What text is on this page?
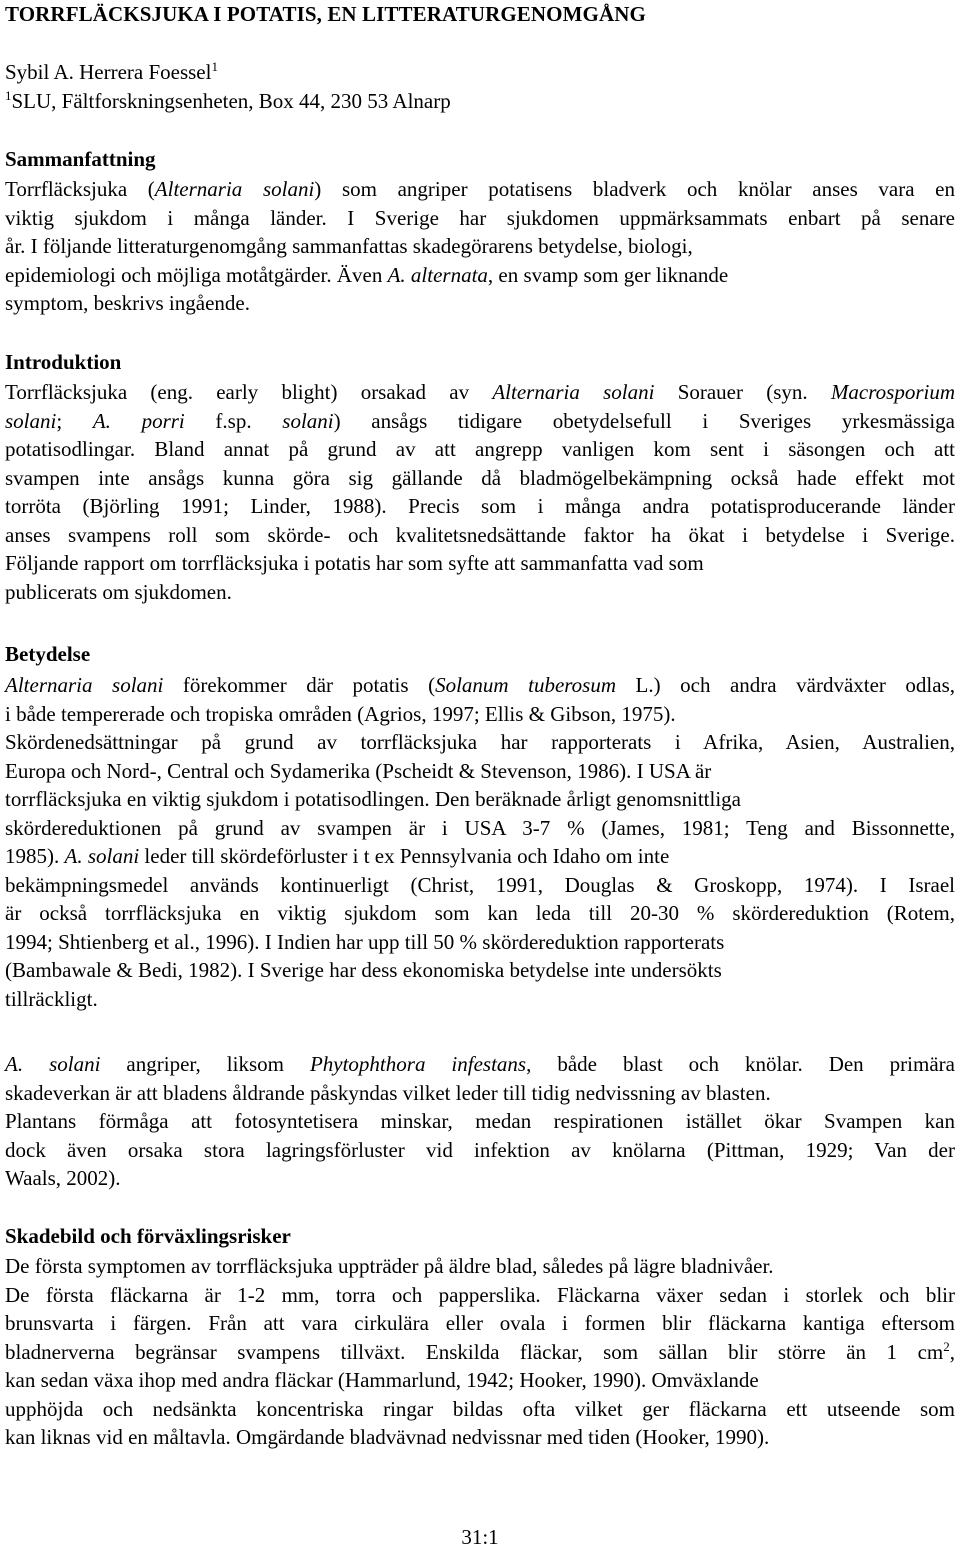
TORRFLÄCKSJUKA I POTATIS, EN LITTERATURGENOMGÅNG
Sybil A. Herrera Foessel$^1$
$^1$SLU, Fältforskningsenheten, Box 44, 230 53 Alnarp
Sammanfattning
Torrfläcksjuka (Alternaria solani) som angriper potatisens bladverk och knölar anses vara en
viktig sjukdom i många länder. I Sverige har sjukdomen uppmärksammats enbart på senare
år. I följande litteraturgenomgång sammanfattas skadegörarens betydelse, biologi,
epidemiologi och möjliga motåtgärder. Även A. alternata, en svamp som ger liknande
symptom, beskrivs ingående.
Introduktion
Torrfläcksjuka (eng. early blight) orsakad av Alternaria solani Sorauer (syn. Macrosporium
solani; A. porri f.sp. solani) ansågs tidigare obetydelsefull i Sveriges yrkesmässiga
potatisodlingar. Bland annat på grund av att angrepp vanligen kom sent i säsongen och att
svampen inte ansågs kunna göra sig gällande då bladmögelbekämpning också hade effekt mot
torröta (Björling 1991; Linder, 1988). Precis som i många andra potatisproducerande länder
anses svampens roll som skörde- och kvalitetsnedsättande faktor ha ökat i betydelse i Sverige.
Följande rapport om torrfläcksjuka i potatis har som syfte att sammanfatta vad som
publicerats om sjukdomen.
Betydelse
Alternaria solani förekommer där potatis (Solanum tuberosum L.) och andra värdväxter odlas,
i både tempererade och tropiska områden (Agrios, 1997; Ellis & Gibson, 1975).
Skördenedsättningar på grund av torrfläcksjuka har rapporterats i Afrika, Asien, Australien,
Europa och Nord-, Central och Sydamerika (Pscheidt & Stevenson, 1986). I USA är
torrfläcksjuka en viktig sjukdom i potatisodlingen. Den beräknade årligt genomsnittliga
skördereduktionen på grund av svampen är i USA 3-7 % (James, 1981; Teng and Bissonnette,
1985). A. solani leder till skördeförluster i t ex Pennsylvania och Idaho om inte
bekämpningsmedel används kontinuerligt (Christ, 1991, Douglas & Groskopp, 1974). I Israel
är också torrfläcksjuka en viktig sjukdom som kan leda till 20-30 % skördereduktion (Rotem,
1994; Shtienberg et al., 1996). I Indien har upp till 50 % skördereduktion rapporterats
(Bambawale & Bedi, 1982). I Sverige har dess ekonomiska betydelse inte undersökts
tillräckligt.
A. solani angriper, liksom Phytophthora infestans, både blast och knölar. Den primära
skadeverkan är att bladens åldrande påskyndas vilket leder till tidig nedvissning av blasten.
Plantans förmåga att fotosyntetisera minskar, medan respirationen istället ökar Svampen kan
dock även orsaka stora lagringsförluster vid infektion av knölarna (Pittman, 1929; Van der
Waals, 2002).
Skadebild och förväxlingsrisker
De första symptomen av torrfläcksjuka uppträder på äldre blad, således på lägre bladnivåer.
De första fläckarna är 1-2 mm, torra och papperslika. Fläckarna växer sedan i storlek och blir
brunsvarta i färgen. Från att vara cirkulära eller ovala i formen blir fläckarna kantiga eftersom
bladnerverna begränsar svampens tillväxt. Enskilda fläckar, som sällan blir större än 1 $cm^2$,
kan sedan växa ihop med andra fläckar (Hammarlund, 1942; Hooker, 1990). Omväxlande
upphöjda och nedsänkta koncentriska ringar bildas ofta vilket ger fläckarna ett utseende som
kan liknas vid en måltavla. Omgärdande bladvävnad nedvissnar med tiden (Hooker, 1990).
31:1
